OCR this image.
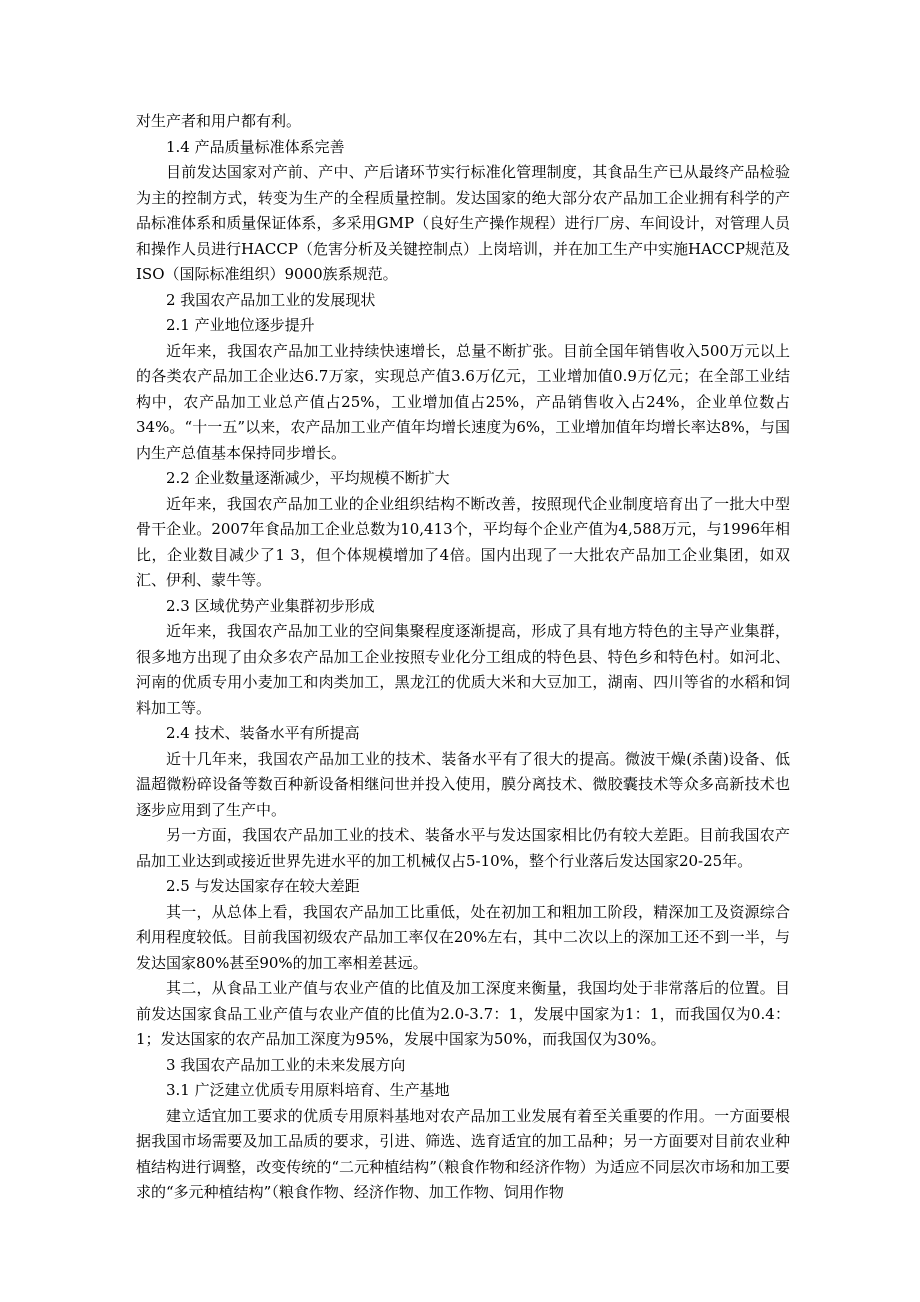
对生产者和用户都有利。

1.4 产品质量标准体系完善

目前发达国家对产前、产中、产后诸环节实行标准化管理制度，其食品生产已从最终产品检验为主的控制方式，转变为生产的全程质量控制。发达国家的绝大部分农产品加工企业拥有科学的产品标准体系和质量保证体系，多采用GMP（良好生产操作规程）进行厂房、车间设计，对管理人员和操作人员进行HACCP（危害分析及关键控制点）上岗培训，并在加工生产中实施HACCP规范及ISO（国际标准组织）9000族系规范。

2 我国农产品加工业的发展现状

2.1 产业地位逐步提升

近年来，我国农产品加工业持续快速增长，总量不断扩张。目前全国年销售收入500万元以上的各类农产品加工企业达6.7万家，实现总产值3.6万亿元，工业增加值0.9万亿元；在全部工业结构中，农产品加工业总产值占25%，工业增加值占25%，产品销售收入占24%，企业单位数占34%。“十一五”以来，农产品加工业产值年均增长速度为6%，工业增加值年均增长率达8%，与国内生产总值基本保持同步增长。

2.2 企业数量逐渐减少，平均规模不断扩大

近年来，我国农产品加工业的企业组织结构不断改善，按照现代企业制度培育出了一批大中型骨干企业。2007年食品加工企业总数为10,413个，平均每个企业产值为4,588万元，与1996年相比，企业数目减少了1 3，但个体规模增加了4倍。国内出现了一大批农产品加工企业集团，如双汇、伊利、蒙牛等。

2.3 区域优势产业集群初步形成

近年来，我国农产品加工业的空间集聚程度逐渐提高，形成了具有地方特色的主导产业集群，很多地方出现了由众多农产品加工企业按照专业化分工组成的特色县、特色乡和特色村。如河北、河南的优质专用小麦加工和肉类加工，黑龙江的优质大米和大豆加工，湖南、四川等省的水稻和饲料加工等。

2.4 技术、装备水平有所提高

近十几年来，我国农产品加工业的技术、装备水平有了很大的提高。微波干燥(杀菌)设备、低温超微粉碎设备等数百种新设备相继问世并投入使用，膜分离技术、微胶囊技术等众多高新技术也逐步应用到了生产中。

另一方面，我国农产品加工业的技术、装备水平与发达国家相比仍有较大差距。目前我国农产品加工业达到或接近世界先进水平的加工机械仅占5-10%，整个行业落后发达国家20-25年。

2.5 与发达国家存在较大差距

其一，从总体上看，我国农产品加工比重低，处在初加工和粗加工阶段，精深加工及资源综合利用程度较低。目前我国初级农产品加工率仅在20%左右，其中二次以上的深加工还不到一半，与发达国家80%甚至90%的加工率相差甚远。

其二，从食品工业产值与农业产值的比值及加工深度来衡量，我国均处于非常落后的位置。目前发达国家食品工业产值与农业产值的比值为2.0-3.7：1，发展中国家为1：1，而我国仅为0.4：1；发达国家的农产品加工深度为95%，发展中国家为50%，而我国仅为30%。

3 我国农产品加工业的未来发展方向

3.1 广泛建立优质专用原料培育、生产基地

建立适宜加工要求的优质专用原料基地对农产品加工业发展有着至关重要的作用。一方面要根据我国市场需要及加工品质的要求，引进、筛选、选育适宜的加工品种；另一方面要对目前农业种植结构进行调整，改变传统的“二元种植结构”（粮食作物和经济作物）为适应不同层次市场和加工要求的“多元种植结构”（粮食作物、经济作物、加工作物、饲用作物
